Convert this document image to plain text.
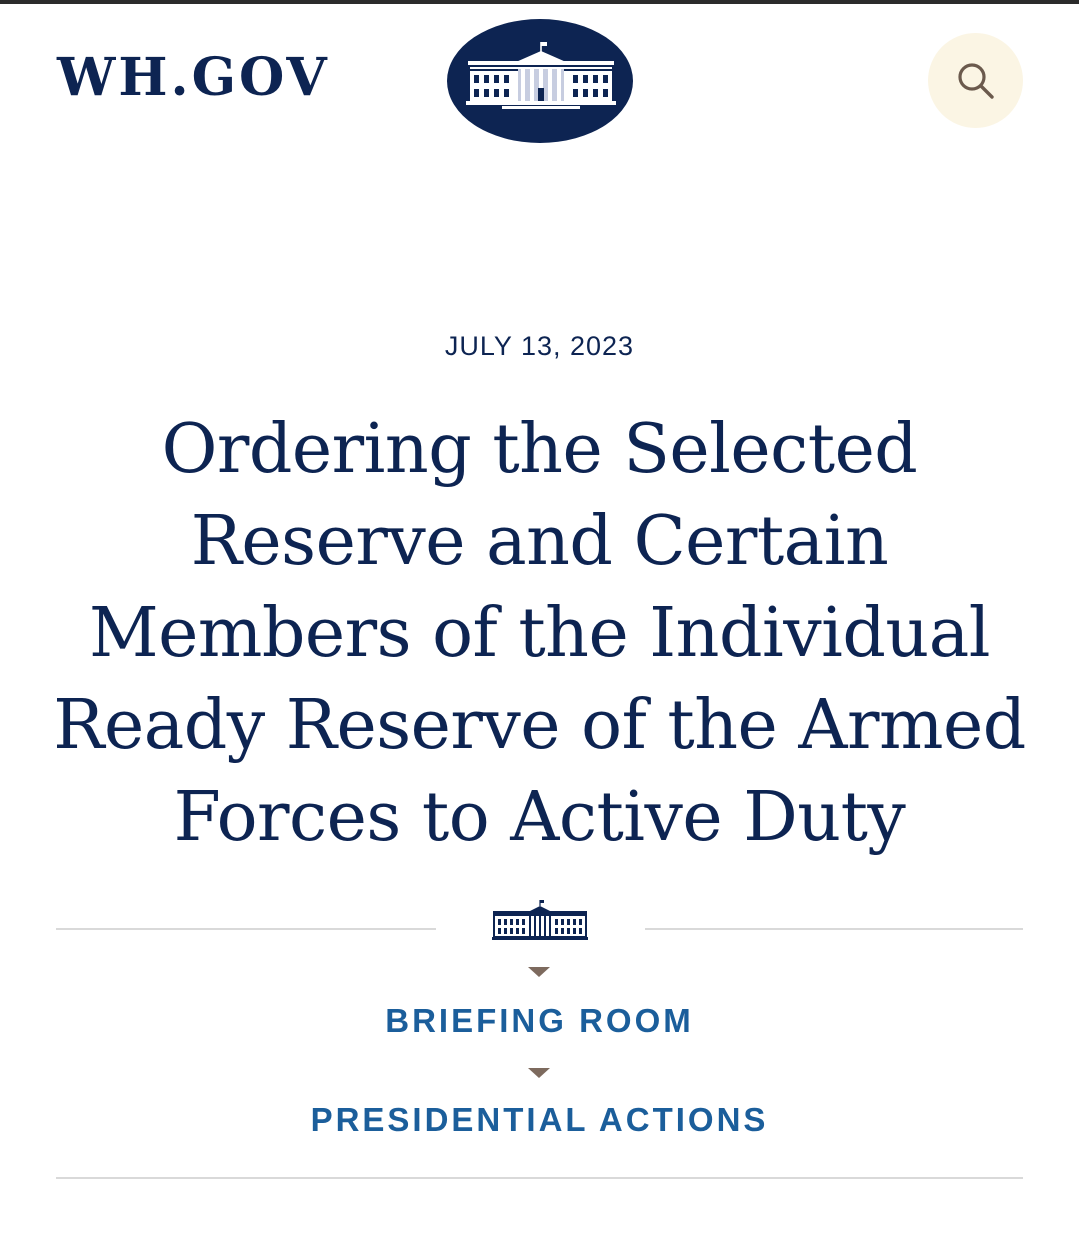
WH.GOV
JULY 13, 2023
Ordering the Selected Reserve and Certain Members of the Individual Ready Reserve of the Armed Forces to Active Duty
BRIEFING ROOM
PRESIDENTIAL ACTIONS
